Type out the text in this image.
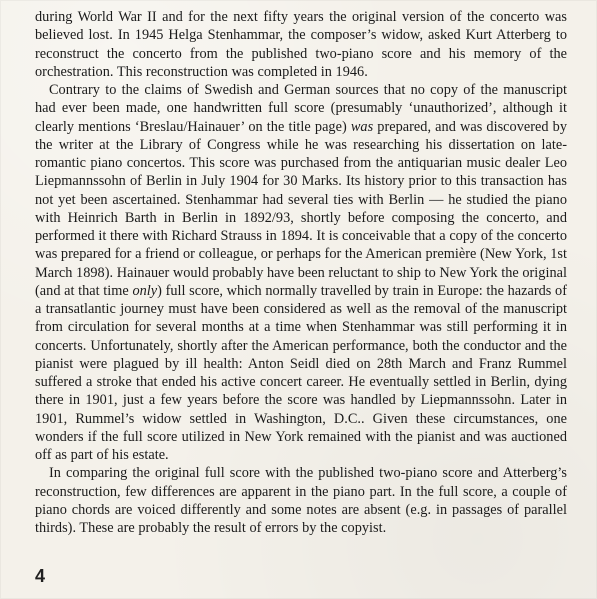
during World War II and for the next fifty years the original version of the concerto was believed lost. In 1945 Helga Stenhammar, the composer’s widow, asked Kurt Atterberg to reconstruct the concerto from the published two-piano score and his memory of the orchestration. This reconstruction was completed in 1946.

Contrary to the claims of Swedish and German sources that no copy of the manuscript had ever been made, one handwritten full score (presumably ‘unauthorized’, although it clearly mentions ‘Breslau/Hainauer’ on the title page) was prepared, and was discovered by the writer at the Library of Congress while he was researching his dissertation on late-romantic piano concertos. This score was purchased from the antiquarian music dealer Leo Liepmannssohn of Berlin in July 1904 for 30 Marks. Its history prior to this transaction has not yet been ascertained. Stenhammar had several ties with Berlin — he studied the piano with Heinrich Barth in Berlin in 1892/93, shortly before composing the concerto, and performed it there with Richard Strauss in 1894. It is conceivable that a copy of the concerto was prepared for a friend or colleague, or perhaps for the American première (New York, 1st March 1898). Hainauer would probably have been reluctant to ship to New York the original (and at that time only) full score, which normally travelled by train in Europe: the hazards of a transatlantic journey must have been considered as well as the removal of the manuscript from circulation for several months at a time when Stenhammar was still performing it in concerts. Unfortunately, shortly after the American performance, both the conductor and the pianist were plagued by ill health: Anton Seidl died on 28th March and Franz Rummel suffered a stroke that ended his active concert career. He eventually settled in Berlin, dying there in 1901, just a few years before the score was handled by Liepmannssohn. Later in 1901, Rummel’s widow settled in Washington, D.C.. Given these circumstances, one wonders if the full score utilized in New York remained with the pianist and was auctioned off as part of his estate.

In comparing the original full score with the published two-piano score and Atterberg’s reconstruction, few differences are apparent in the piano part. In the full score, a couple of piano chords are voiced differently and some notes are absent (e.g. in passages of parallel thirds). These are probably the result of errors by the copyist.

4
